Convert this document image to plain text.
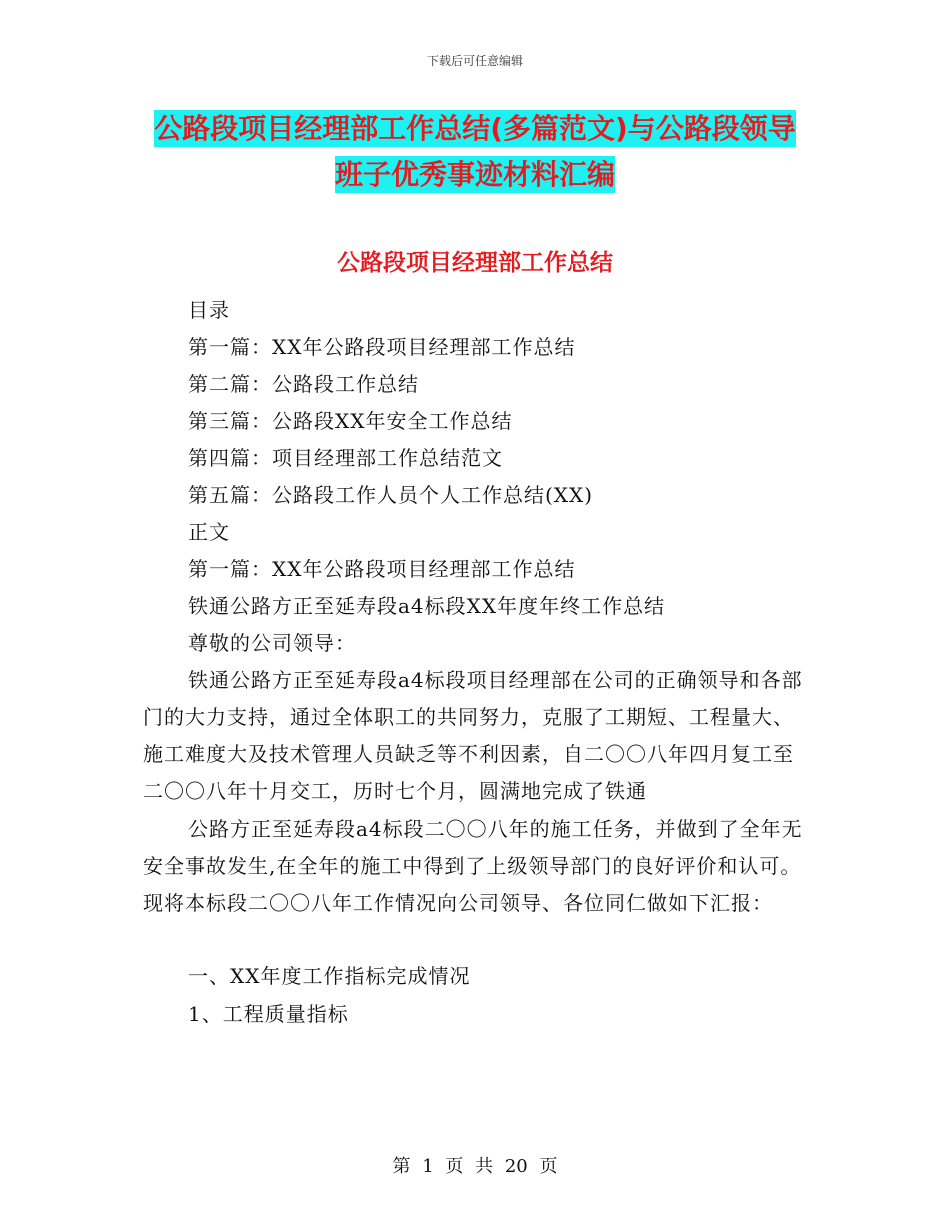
下载后可任意编辑
公路段项目经理部工作总结(多篇范文)与公路段领导
班子优秀事迹材料汇编
公路段项目经理部工作总结
目录
第一篇：XX年公路段项目经理部工作总结
第二篇：公路段工作总结
第三篇：公路段XX年安全工作总结
第四篇：项目经理部工作总结范文
第五篇：公路段工作人员个人工作总结(XX)
正文
第一篇：XX年公路段项目经理部工作总结
铁通公路方正至延寿段a4标段XX年度年终工作总结
尊敬的公司领导：
铁通公路方正至延寿段a4标段项目经理部在公司的正确领导和各部门的大力支持，通过全体职工的共同努力，克服了工期短、工程量大、施工难度大及技术管理人员缺乏等不利因素，自二〇〇八年四月复工至二〇〇八年十月交工，历时七个月，圆满地完成了铁通
公路方正至延寿段a4标段二〇〇八年的施工任务，并做到了全年无安全事故发生,在全年的施工中得到了上级领导部门的良好评价和认可。现将本标段二〇〇八年工作情况向公司领导、各位同仁做如下汇报：
一、XX年度工作指标完成情况
1、工程质量指标
第 1 页 共 20 页
